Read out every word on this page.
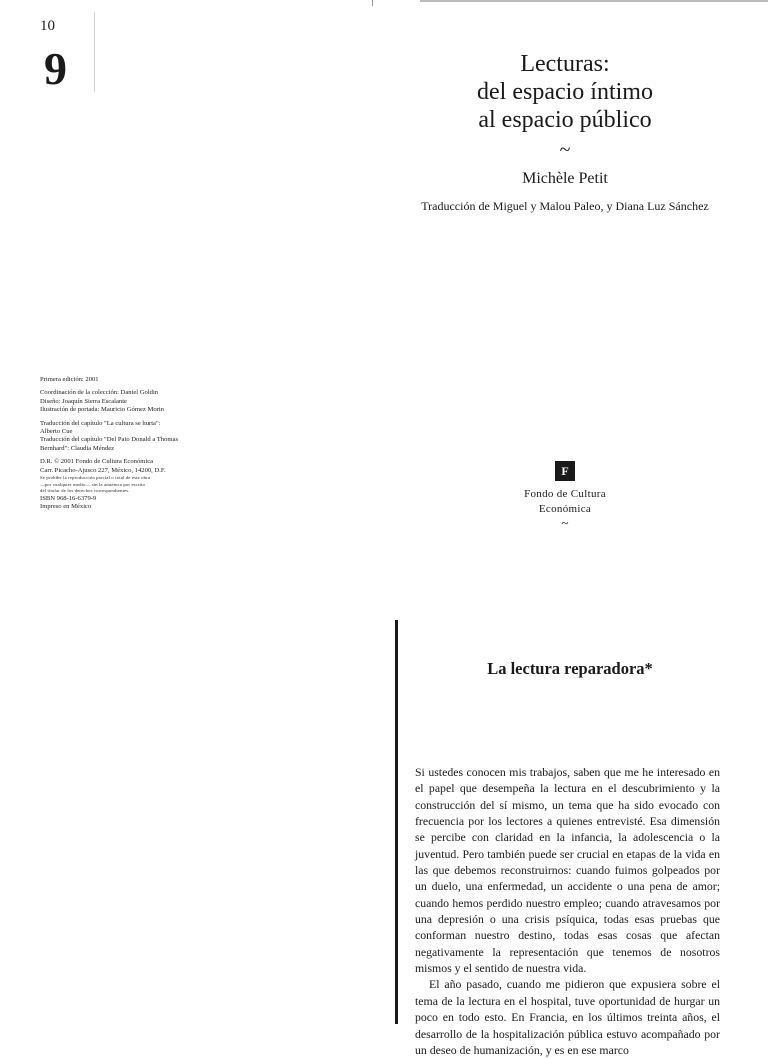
10
9	Lecturas:
del espacio íntimo
al espacio público
~
Michèle Petit
Traducción de Miguel y Malou Paleo, y Diana Luz Sánchez
Primera edición: 2001
Coordinación de la colección: Daniel Goldin
Diseño: Joaquín Sierra Escalante
Ilustración de portada: Mauricio Gómez Morin
Traducción del capítulo "La cultura se hurta":
Alberto Cue
Traducción del capítulo "Del Pato Donald a Thomas
Bernhard": Claudia Méndez
D.R. © 2001 Fondo de Cultura Económica
Carr. Picacho-Ajusco 227, México, 14200, D.F.
Se prohíbe la reproducción parcial o total de esta obra
—por cualquier medio— sin la anuencia por escrito
del titular de los derechos correspondientes.
ISBN 968-16-6379-9
Impreso en México
F
Fondo de Cultura
Económica
~
La lectura reparadora*

Si ustedes conocen mis trabajos, saben que me he interesado en el papel que desempeña la lectura en el descubrimiento y la construcción del sí mismo, un tema que ha sido evocado con frecuencia por los lectores a quienes entrevisté. Esa dimensión se percibe con claridad en la infancia, la adolescencia o la juventud. Pero también puede ser crucial en etapas de la vida en las que debemos reconstruirnos: cuando fuimos golpeados por un duelo, una enfermedad, un accidente o una pena de amor; cuando hemos perdido nuestro empleo; cuando atravesamos por una depresión o una crisis psíquica, todas esas pruebas que conforman nuestro destino, todas esas cosas que afectan negativamente la representación que tenemos de nosotros mismos y el sentido de nuestra vida.

El año pasado, cuando me pidieron que expusiera sobre el tema de la lectura en el hospital, tuve oportunidad de hurgar un poco en todo esto. En Francia, en los últimos treinta años, el desarrollo de la hospitalización pública estuvo acompañado por un deseo de humanización, y es en ese marco
